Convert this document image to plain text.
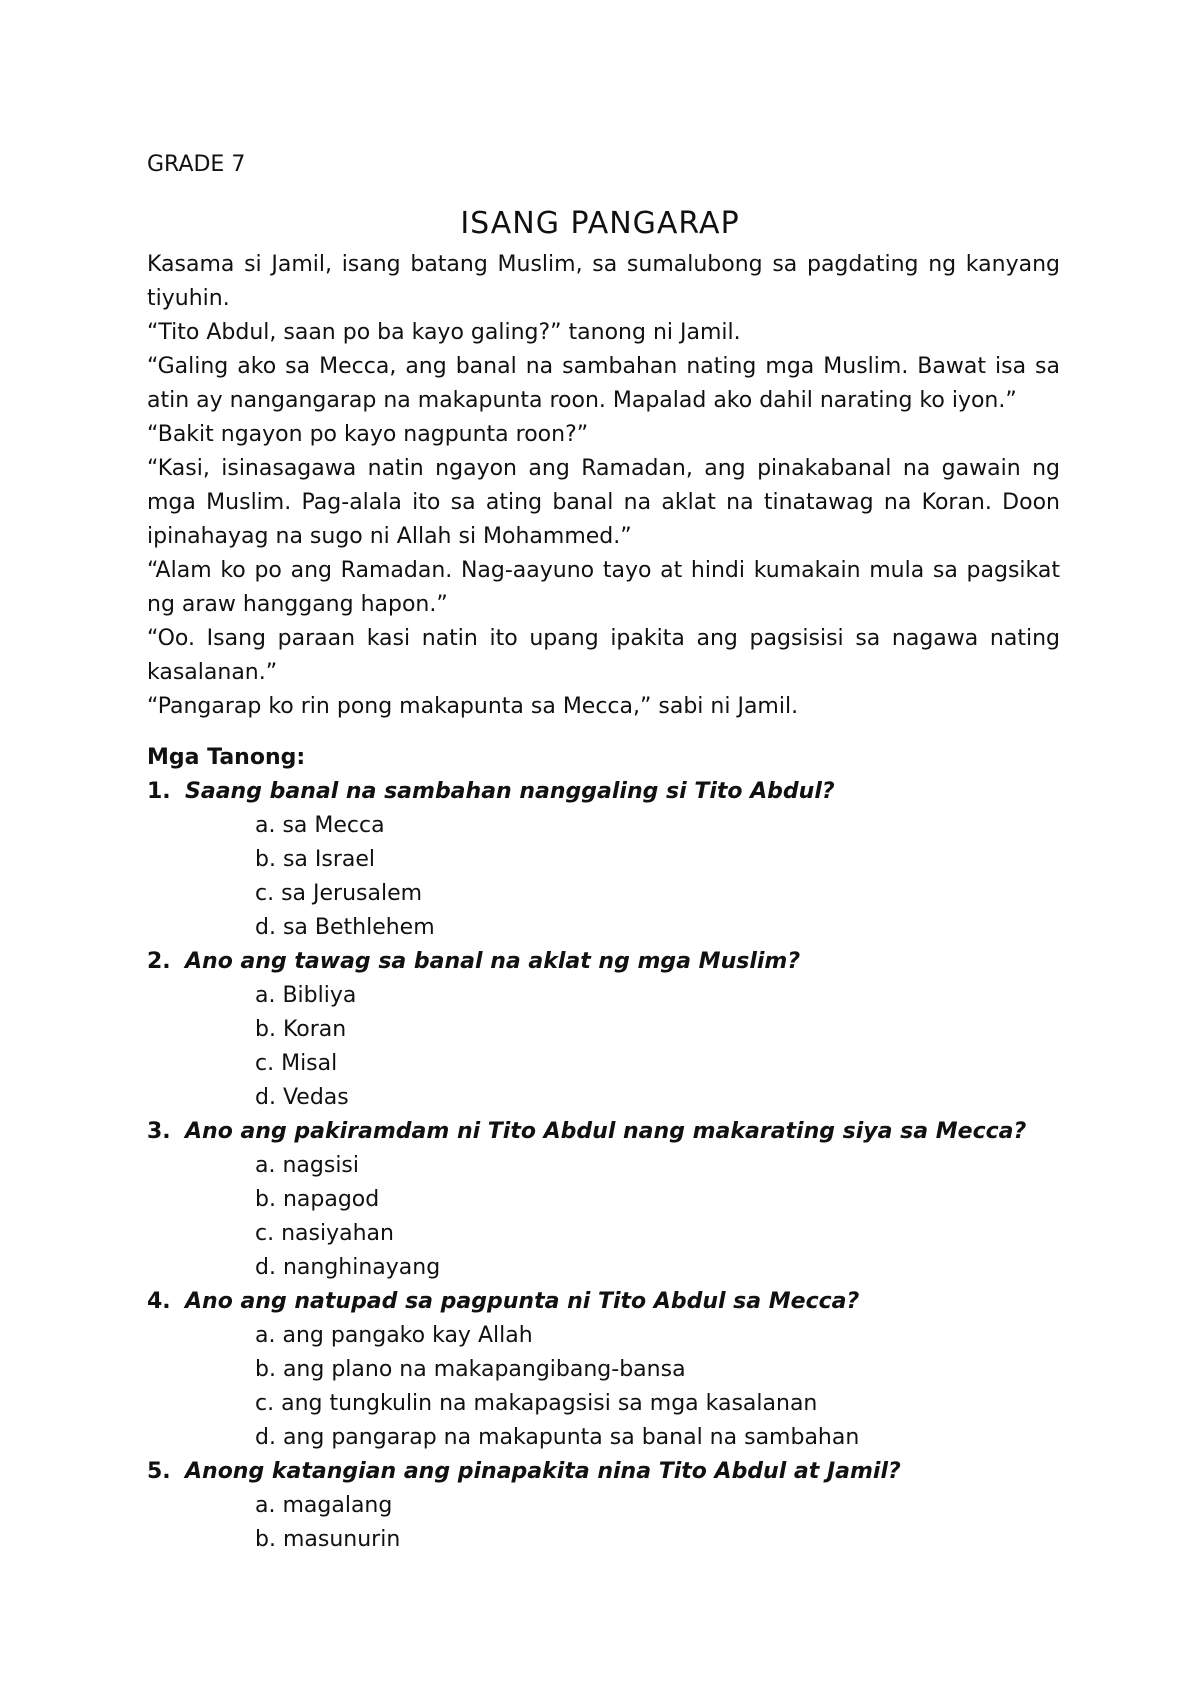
GRADE 7
ISANG PANGARAP

Kasama si Jamil, isang batang Muslim, sa sumalubong sa pagdating ng kanyang tiyuhin.

“Tito Abdul, saan po ba kayo galing?” tanong ni Jamil.

“Galing ako sa Mecca, ang banal na sambahan nating mga Muslim. Bawat isa sa atin ay nangangarap na makapunta roon. Mapalad ako dahil narating ko iyon.”

“Bakit ngayon po kayo nagpunta roon?”

“Kasi, isinasagawa natin ngayon ang Ramadan, ang pinakabanal na gawain ng mga Muslim. Pag-alala ito sa ating banal na aklat na tinatawag na Koran. Doon ipinahayag na sugo ni Allah si Mohammed.”

“Alam ko po ang Ramadan. Nag-aayuno tayo at hindi kumakain mula sa pagsikat ng araw hanggang hapon.”

“Oo. Isang paraan kasi natin ito upang ipakita ang pagsisisi sa nagawa nating kasalanan.”

“Pangarap ko rin pong makapunta sa Mecca,” sabi ni Jamil.

Mga Tanong:

1. Saang banal na sambahan nanggaling si Tito Abdul?

a. sa Mecca
b. sa Israel
c. sa Jerusalem
d. sa Bethlehem

2. Ano ang tawag sa banal na aklat ng mga Muslim?

a. Bibliya
b. Koran
c. Misal
d. Vedas

3. Ano ang pakiramdam ni Tito Abdul nang makarating siya sa Mecca?

a. nagsisi
b. napagod
c. nasiyahan
d. nanghinayang

4. Ano ang natupad sa pagpunta ni Tito Abdul sa Mecca?

a. ang pangako kay Allah
b. ang plano na makapangibang-bansa
c. ang tungkulin na makapagsisi sa mga kasalanan
d. ang pangarap na makapunta sa banal na sambahan

5. Anong katangian ang pinapakita nina Tito Abdul at Jamil?

a. magalang
b. masunurin
